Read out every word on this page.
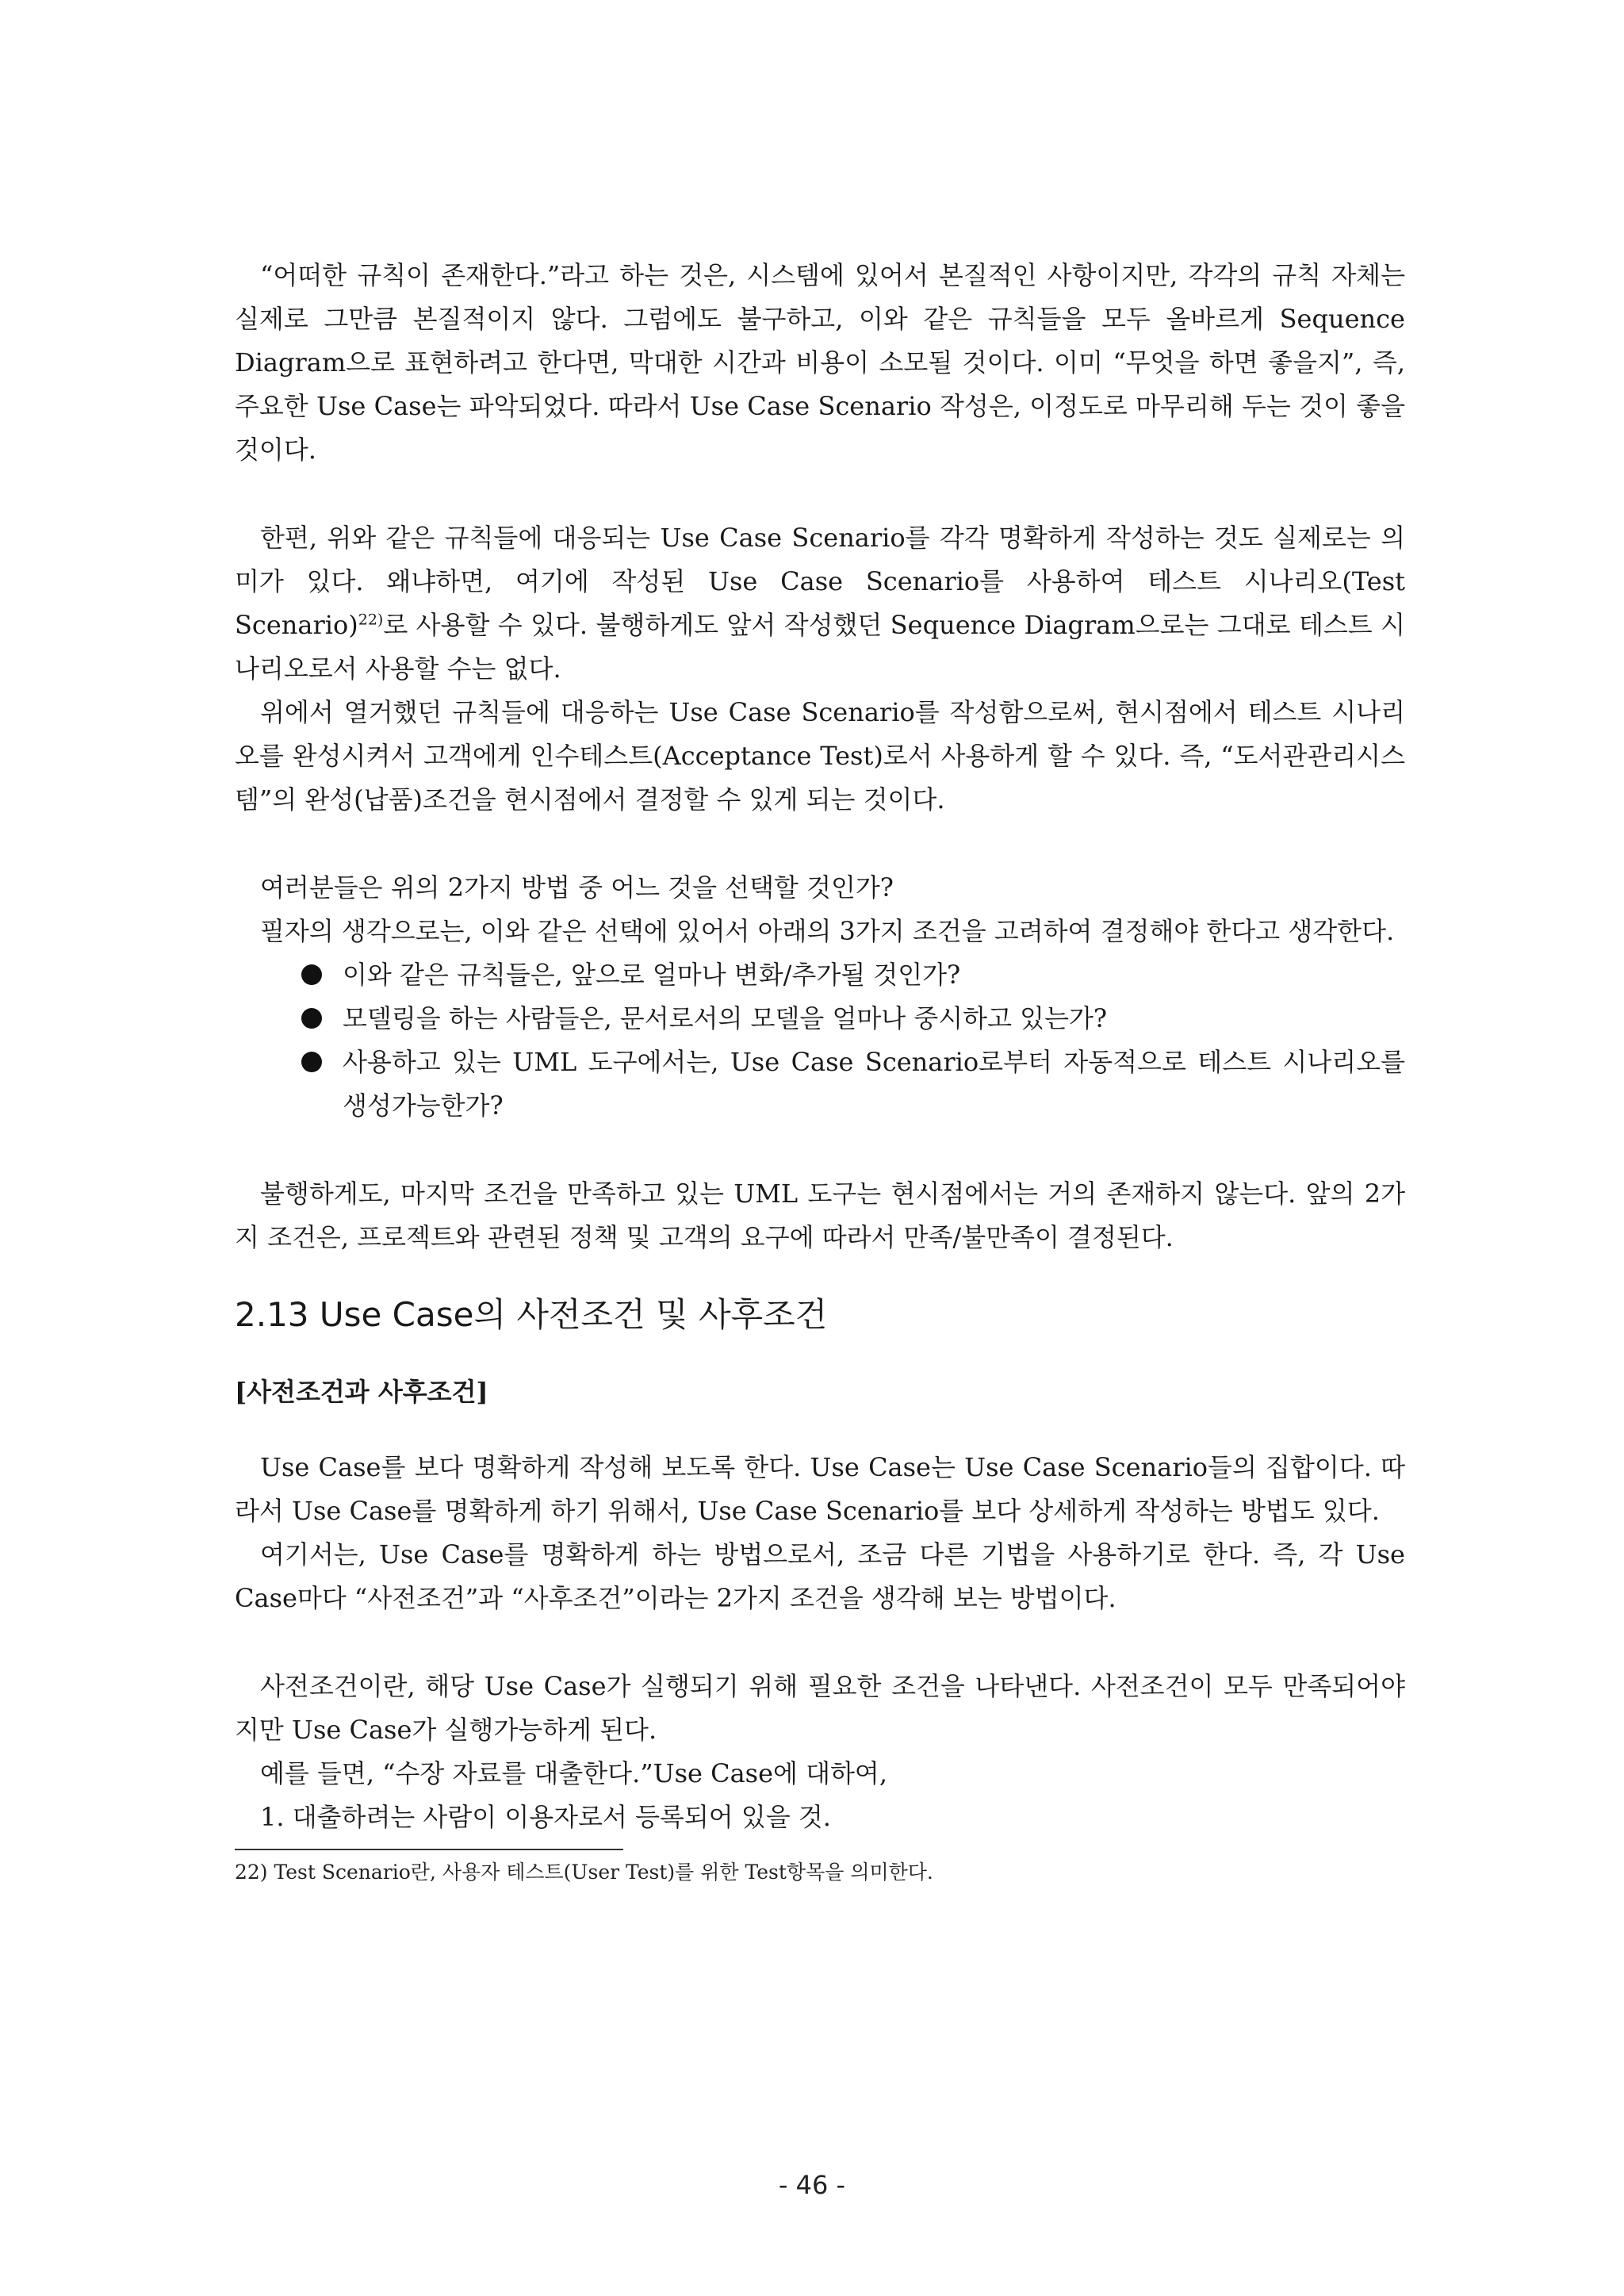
“어떠한 규칙이 존재한다.”라고 하는 것은, 시스템에 있어서 본질적인 사항이지만, 각각의 규칙 자체는 실제로 그만큼 본질적이지 않다. 그럼에도 불구하고, 이와 같은 규칙들을 모두 올바르게 Sequence Diagram으로 표현하려고 한다면, 막대한 시간과 비용이 소모될 것이다. 이미 “무엇을 하면 좋을지”, 즉, 주요한 Use Case는 파악되었다. 따라서 Use Case Scenario 작성은, 이정도로 마무리해 두는 것이 좋을 것이다.

한편, 위와 같은 규칙들에 대응되는 Use Case Scenario를 각각 명확하게 작성하는 것도 실제로는 의미가 있다. 왜냐하면, 여기에 작성된 Use Case Scenario를 사용하여 테스트 시나리오(Test Scenario)$^{22)}$로 사용할 수 있다. 불행하게도 앞서 작성했던 Sequence Diagram으로는 그대로 테스트 시나리오로서 사용할 수는 없다.

위에서 열거했던 규칙들에 대응하는 Use Case Scenario를 작성함으로써, 현시점에서 테스트 시나리오를 완성시켜서 고객에게 인수테스트(Acceptance Test)로서 사용하게 할 수 있다. 즉, “도서관관리시스템”의 완성(납품)조건을 현시점에서 결정할 수 있게 되는 것이다.

여러분들은 위의 2가지 방법 중 어느 것을 선택할 것인가?

필자의 생각으로는, 이와 같은 선택에 있어서 아래의 3가지 조건을 고려하여 결정해야 한다고 생각한다.

이와 같은 규칙들은, 앞으로 얼마나 변화/추가될 것인가?
모델링을 하는 사람들은, 문서로서의 모델을 얼마나 중시하고 있는가?
사용하고 있는 UML 도구에서는, Use Case Scenario로부터 자동적으로 테스트 시나리오를 생성가능한가?

불행하게도, 마지막 조건을 만족하고 있는 UML 도구는 현시점에서는 거의 존재하지 않는다. 앞의 2가지 조건은, 프로젝트와 관련된 정책 및 고객의 요구에 따라서 만족/불만족이 결정된다.

2.13 Use Case의 사전조건 및 사후조건

[사전조건과 사후조건]

Use Case를 보다 명확하게 작성해 보도록 한다. Use Case는 Use Case Scenario들의 집합이다. 따라서 Use Case를 명확하게 하기 위해서, Use Case Scenario를 보다 상세하게 작성하는 방법도 있다.

여기서는, Use Case를 명확하게 하는 방법으로서, 조금 다른 기법을 사용하기로 한다. 즉, 각 Use Case마다 “사전조건”과 “사후조건”이라는 2가지 조건을 생각해 보는 방법이다.

사전조건이란, 해당 Use Case가 실행되기 위해 필요한 조건을 나타낸다. 사전조건이 모두 만족되어야지만 Use Case가 실행가능하게 된다.

예를 들면, “수장 자료를 대출한다.”Use Case에 대하여,

1. 대출하려는 사람이 이용자로서 등록되어 있을 것.

22) Test Scenario란, 사용자 테스트(User Test)를 위한 Test항목을 의미한다.

- 46 -
